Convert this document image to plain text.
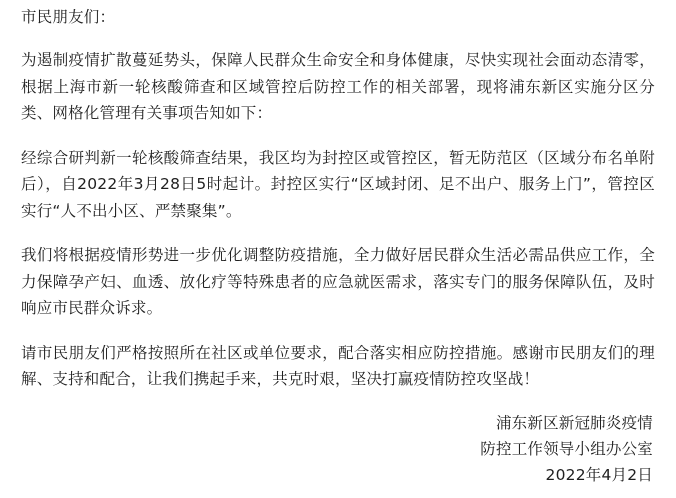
市民朋友们：
为遏制疫情扩散蔓延势头，保障人民群众生命安全和身体健康，尽快实现社会面动态清零，根据上海市新一轮核酸筛查和区域管控后防控工作的相关部署，现将浦东新区实施分区分类、网格化管理有关事项告知如下：
经综合研判新一轮核酸筛查结果，我区均为封控区或管控区，暂无防范区（区域分布名单附后），自2022年3月28日5时起计。封控区实行“区域封闭、足不出户、服务上门”，管控区实行“人不出小区、严禁聚集”。
我们将根据疫情形势进一步优化调整防疫措施，全力做好居民群众生活必需品供应工作，全力保障孕产妇、血透、放化疗等特殊患者的应急就医需求，落实专门的服务保障队伍，及时响应市民群众诉求。
请市民朋友们严格按照所在社区或单位要求，配合落实相应防控措施。感谢市民朋友们的理解、支持和配合，让我们携起手来，共克时艰，坚决打赢疫情防控攻坚战！
浦东新区新冠肺炎疫情
防控工作领导小组办公室
2022年4月2日
